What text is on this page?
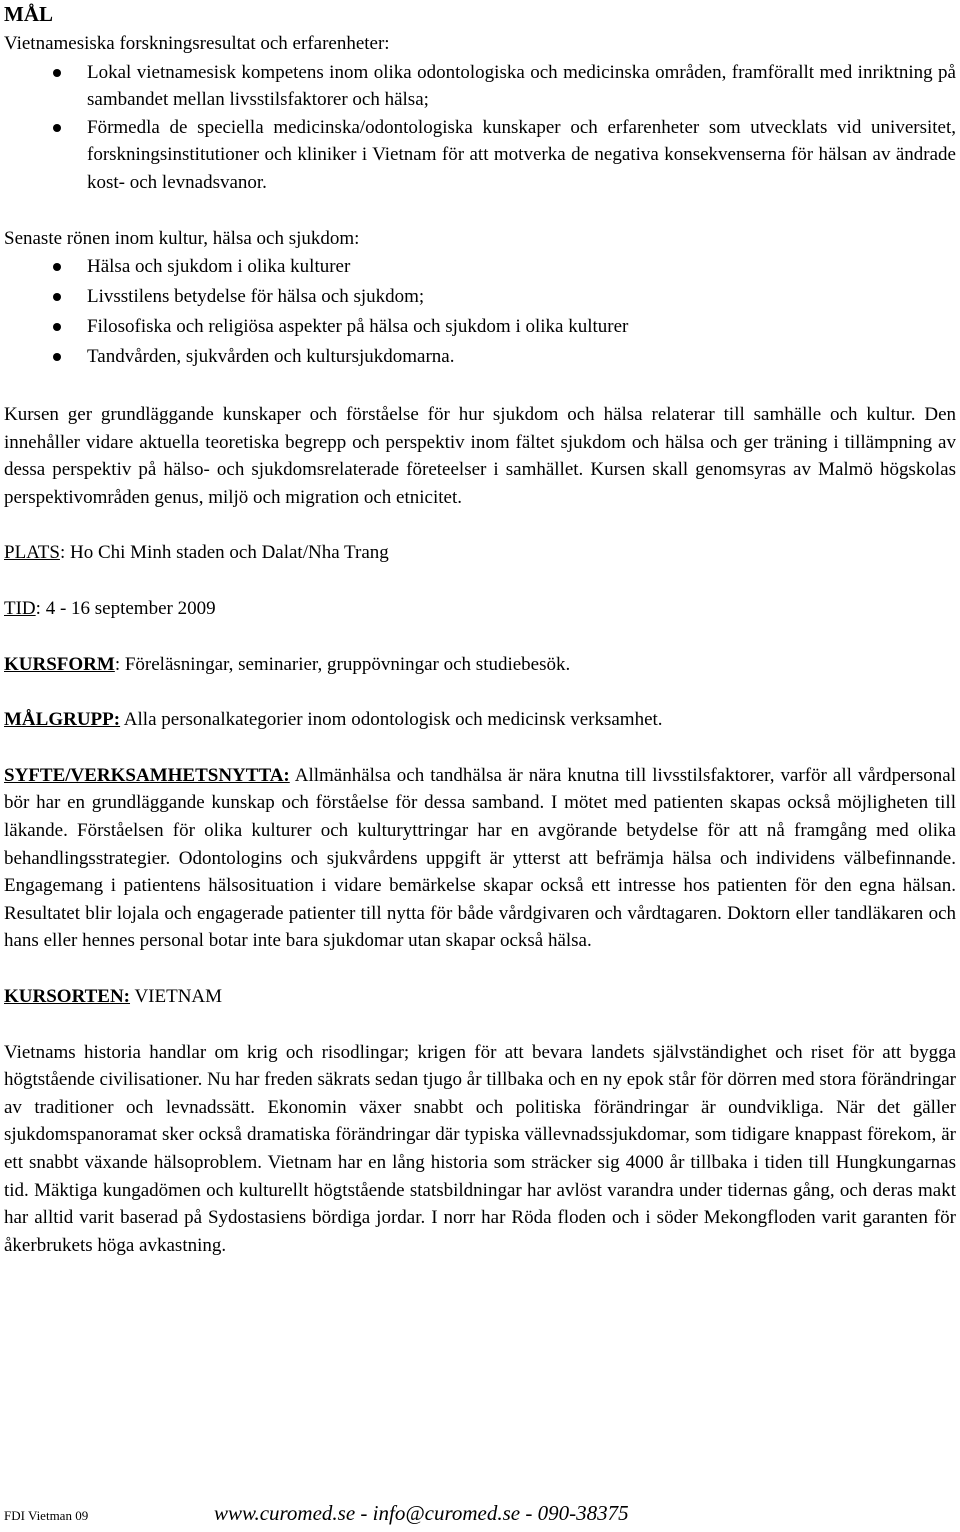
MÅL

Vietnamesiska forskningsresultat och erfarenheter:

Lokal vietnamesisk kompetens inom olika odontologiska och medicinska områden, framförallt med inriktning på sambandet mellan livsstilsfaktorer och hälsa;
Förmedla de speciella medicinska/odontologiska kunskaper och erfarenheter som utvecklats vid universitet, forskningsinstitutioner och kliniker i Vietnam för att motverka de negativa konsekvenserna för hälsan av ändrade kost- och levnadsvanor.

Senaste rönen inom kultur, hälsa och sjukdom:

Hälsa och sjukdom i olika kulturer
Livsstilens betydelse för hälsa och sjukdom;
Filosofiska och religiösa aspekter på hälsa och sjukdom i olika kulturer
Tandvården, sjukvården och kultursjukdomarna.

Kursen ger grundläggande kunskaper och förståelse för hur sjukdom och hälsa relaterar till samhälle och kultur. Den innehåller vidare aktuella teoretiska begrepp och perspektiv inom fältet sjukdom och hälsa och ger träning i tillämpning av dessa perspektiv på hälso- och sjukdomsrelaterade företeelser i samhället. Kursen skall genomsyras av Malmö högskolas perspektivområden genus, miljö och migration och etnicitet.

PLATS: Ho Chi Minh staden och Dalat/Nha Trang

TID: 4 - 16 september 2009

KURSFORM: Föreläsningar, seminarier, gruppövningar och studiebesök.

MÅLGRUPP: Alla personalkategorier inom odontologisk och medicinsk verksamhet.

SYFTE/VERKSAMHETSNYTTA: Allmänhälsa och tandhälsa är nära knutna till livsstilsfaktorer, varför all vårdpersonal bör har en grundläggande kunskap och förståelse för dessa samband. I mötet med patienten skapas också möjligheten till läkande. Förståelsen för olika kulturer och kulturyttringar har en avgörande betydelse för att nå framgång med olika behandlingsstrategier. Odontologins och sjukvårdens uppgift är ytterst att befrämja hälsa och individens välbefinnande. Engagemang i patientens hälsosituation i vidare bemärkelse skapar också ett intresse hos patienten för den egna hälsan. Resultatet blir lojala och engagerade patienter till nytta för både vårdgivaren och vårdtagaren. Doktorn eller tandläkaren och hans eller hennes personal botar inte bara sjukdomar utan skapar också hälsa.

KURSORTEN: VIETNAM

Vietnams historia handlar om krig och risodlingar; krigen för att bevara landets självständighet och riset för att bygga högtstående civilisationer. Nu har freden säkrats sedan tjugo år tillbaka och en ny epok står för dörren med stora förändringar av traditioner och levnadssätt. Ekonomin växer snabbt och politiska förändringar är oundvikliga. När det gäller sjukdomspanoramat sker också dramatiska förändringar där typiska vällevnadssjukdomar, som tidigare knappast förekom, är ett snabbt växande hälsoproblem. Vietnam har en lång historia som sträcker sig 4000 år tillbaka i tiden till Hungkungarnas tid. Mäktiga kungadömen och kulturellt högtstående statsbildningar har avlöst varandra under tidernas gång, och deras makt har alltid varit baserad på Sydostasiens bördiga jordar. I norr har Röda floden och i söder Mekongfloden varit garanten för åkerbrukets höga avkastning.

FDI Vietman 09	www.curomed.se - info@curomed.se - 090-38375
